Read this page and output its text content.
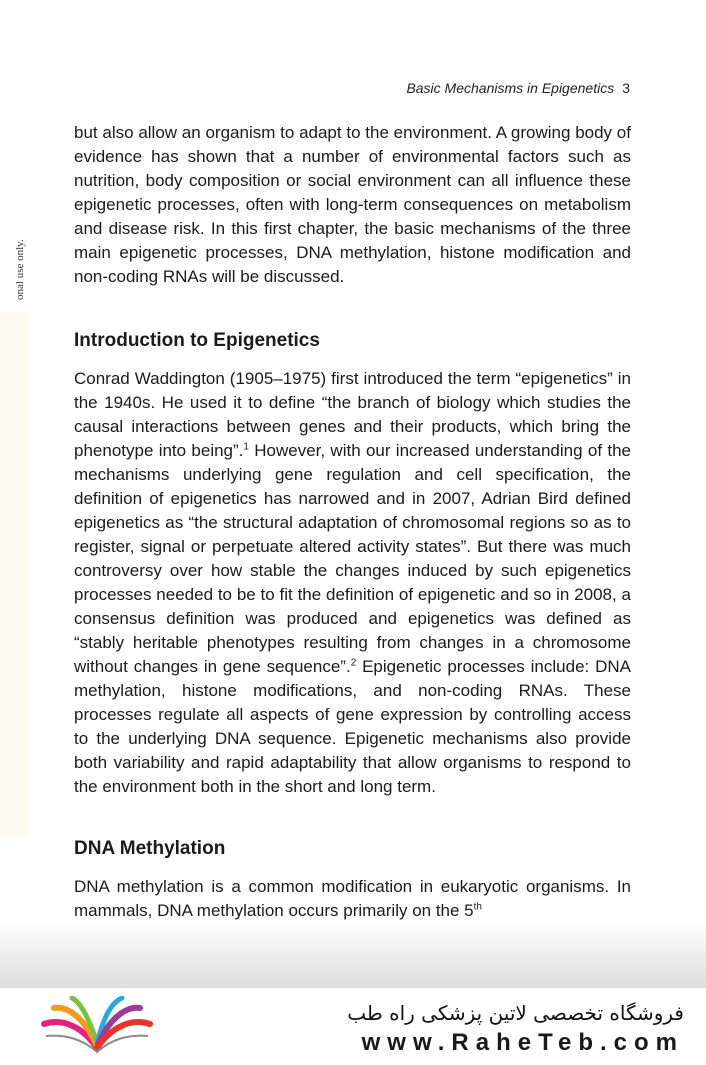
onal use only.
Basic Mechanisms in Epigenetics 3

but also allow an organism to adapt to the environment. A growing body of evidence has shown that a number of environmental factors such as nutrition, body composition or social environment can all influence these epigenetic processes, often with long-term consequences on metabolism and disease risk. In this first chapter, the basic mechanisms of the three main epigenetic processes, DNA methylation, histone modification and non-coding RNAs will be discussed.

Introduction to Epigenetics

Conrad Waddington (1905–1975) first introduced the term “epigenetics” in the 1940s. He used it to define “the branch of biology which studies the causal interactions between genes and their products, which bring the phenotype into being”.$^1$ However, with our increased understanding of the mechanisms underlying gene regulation and cell specification, the definition of epigenetics has narrowed and in 2007, Adrian Bird defined epigenetics as “the structural adaptation of chromosomal regions so as to register, signal or perpetuate altered activity states”. But there was much controversy over how stable the changes induced by such epigenetics processes needed to be to fit the definition of epigenetic and so in 2008, a consensus definition was produced and epigenetics was defined as “stably heritable phenotypes resulting from changes in a chromosome without changes in gene sequence”.$^2$ Epigenetic processes include: DNA methylation, histone modifications, and non-coding RNAs. These processes regulate all aspects of gene expression by controlling access to the underlying DNA sequence. Epigenetic mechanisms also provide both variability and rapid adaptability that allow organisms to respond to the environment both in the short and long term.

DNA Methylation

DNA methylation is a common modification in eukaryotic organisms. In mammals, DNA methylation occurs primarily on the 5th

فروشگاه تخصصی لاتین پزشکی راه طب
www.RaheTeb.com
